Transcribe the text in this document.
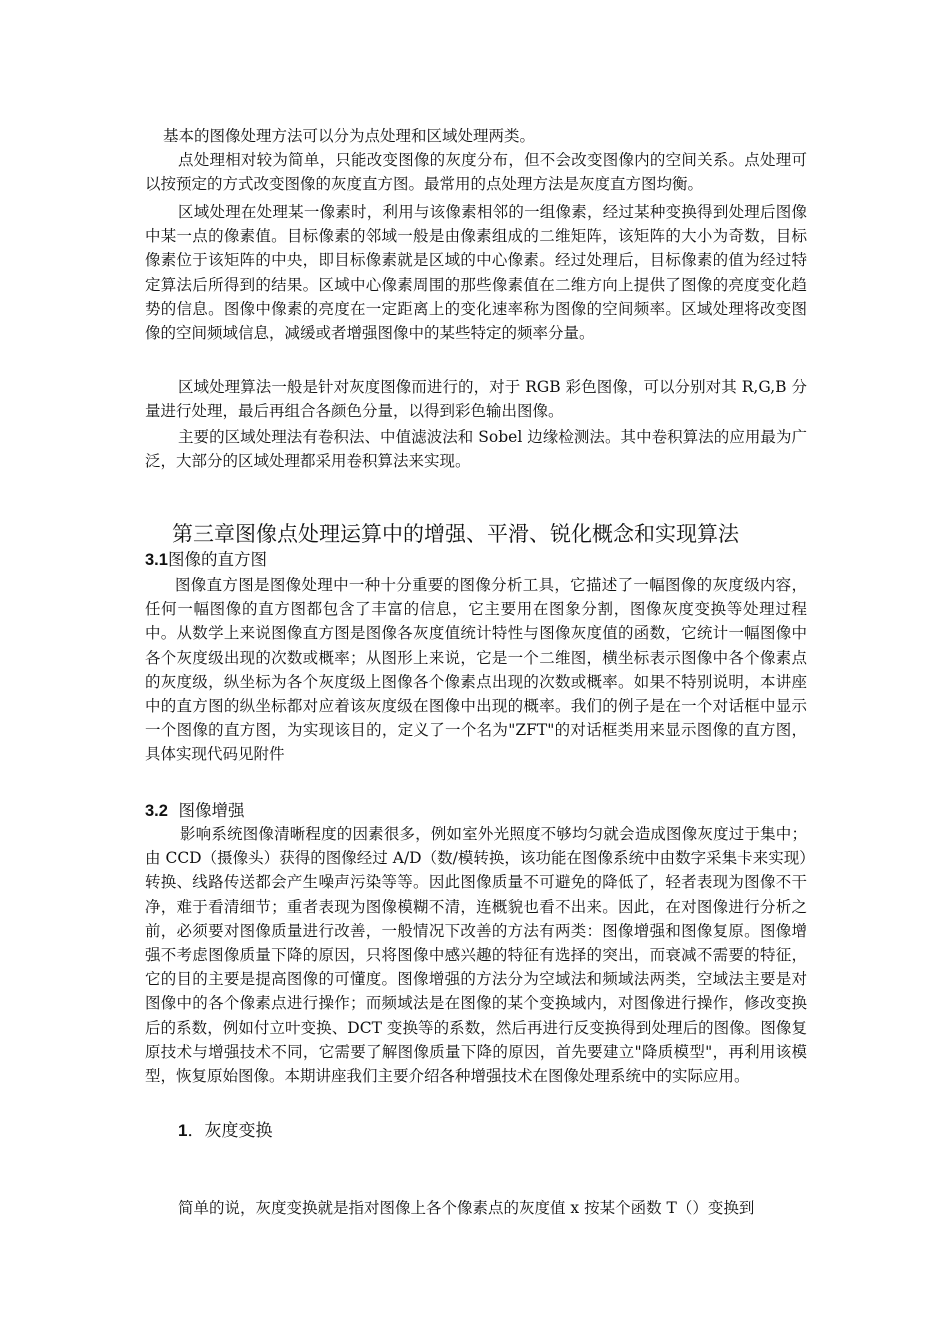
基本的图像处理方法可以分为点处理和区域处理两类。

点处理相对较为简单，只能改变图像的灰度分布，但不会改变图像内的空间关系。点处理可以按预定的方式改变图像的灰度直方图。最常用的点处理方法是灰度直方图均衡。

区域处理在处理某一像素时，利用与该像素相邻的一组像素，经过某种变换得到处理后图像中某一点的像素值。目标像素的邻域一般是由像素组成的二维矩阵，该矩阵的大小为奇数，目标像素位于该矩阵的中央，即目标像素就是区域的中心像素。经过处理后，目标像素的值为经过特定算法后所得到的结果。区域中心像素周围的那些像素值在二维方向上提供了图像的亮度变化趋势的信息。图像中像素的亮度在一定距离上的变化速率称为图像的空间频率。区域处理将改变图像的空间频域信息，减缓或者增强图像中的某些特定的频率分量。

区域处理算法一般是针对灰度图像而进行的，对于 RGB 彩色图像，可以分别对其 R,G,B 分量进行处理，最后再组合各颜色分量，以得到彩色输出图像。

主要的区域处理法有卷积法、中值滤波法和 Sobel 边缘检测法。其中卷积算法的应用最为广泛，大部分的区域处理都采用卷积算法来实现。

第三章图像点处理运算中的增强、平滑、锐化概念和实现算法
3.1图像的直方图

图像直方图是图像处理中一种十分重要的图像分析工具，它描述了一幅图像的灰度级内容，任何一幅图像的直方图都包含了丰富的信息，它主要用在图象分割，图像灰度变换等处理过程中。从数学上来说图像直方图是图像各灰度值统计特性与图像灰度值的函数，它统计一幅图像中各个灰度级出现的次数或概率；从图形上来说，它是一个二维图，横坐标表示图像中各个像素点的灰度级，纵坐标为各个灰度级上图像各个像素点出现的次数或概率。如果不特别说明，本讲座中的直方图的纵坐标都对应着该灰度级在图像中出现的概率。我们的例子是在一个对话框中显示一个图像的直方图，为实现该目的，定义了一个名为"ZFT"的对话框类用来显示图像的直方图，具体实现代码见附件

3.2 图像增强

影响系统图像清晰程度的因素很多，例如室外光照度不够均匀就会造成图像灰度过于集中；由 CCD（摄像头）获得的图像经过 A/D（数/模转换，该功能在图像系统中由数字采集卡来实现）转换、线路传送都会产生噪声污染等等。因此图像质量不可避免的降低了，轻者表现为图像不干净，难于看清细节；重者表现为图像模糊不清，连概貌也看不出来。因此，在对图像进行分析之前，必须要对图像质量进行改善，一般情况下改善的方法有两类：图像增强和图像复原。图像增强不考虑图像质量下降的原因，只将图像中感兴趣的特征有选择的突出，而衰减不需要的特征，它的目的主要是提高图像的可懂度。图像增强的方法分为空域法和频域法两类，空域法主要是对图像中的各个像素点进行操作；而频域法是在图像的某个变换域内，对图像进行操作，修改变换后的系数，例如付立叶变换、DCT 变换等的系数，然后再进行反变换得到处理后的图像。图像复原技术与增强技术不同，它需要了解图像质量下降的原因，首先要建立"降质模型"，再利用该模型，恢复原始图像。本期讲座我们主要介绍各种增强技术在图像处理系统中的实际应用。

1．灰度变换

简单的说，灰度变换就是指对图像上各个像素点的灰度值 x 按某个函数 T（）变换到
